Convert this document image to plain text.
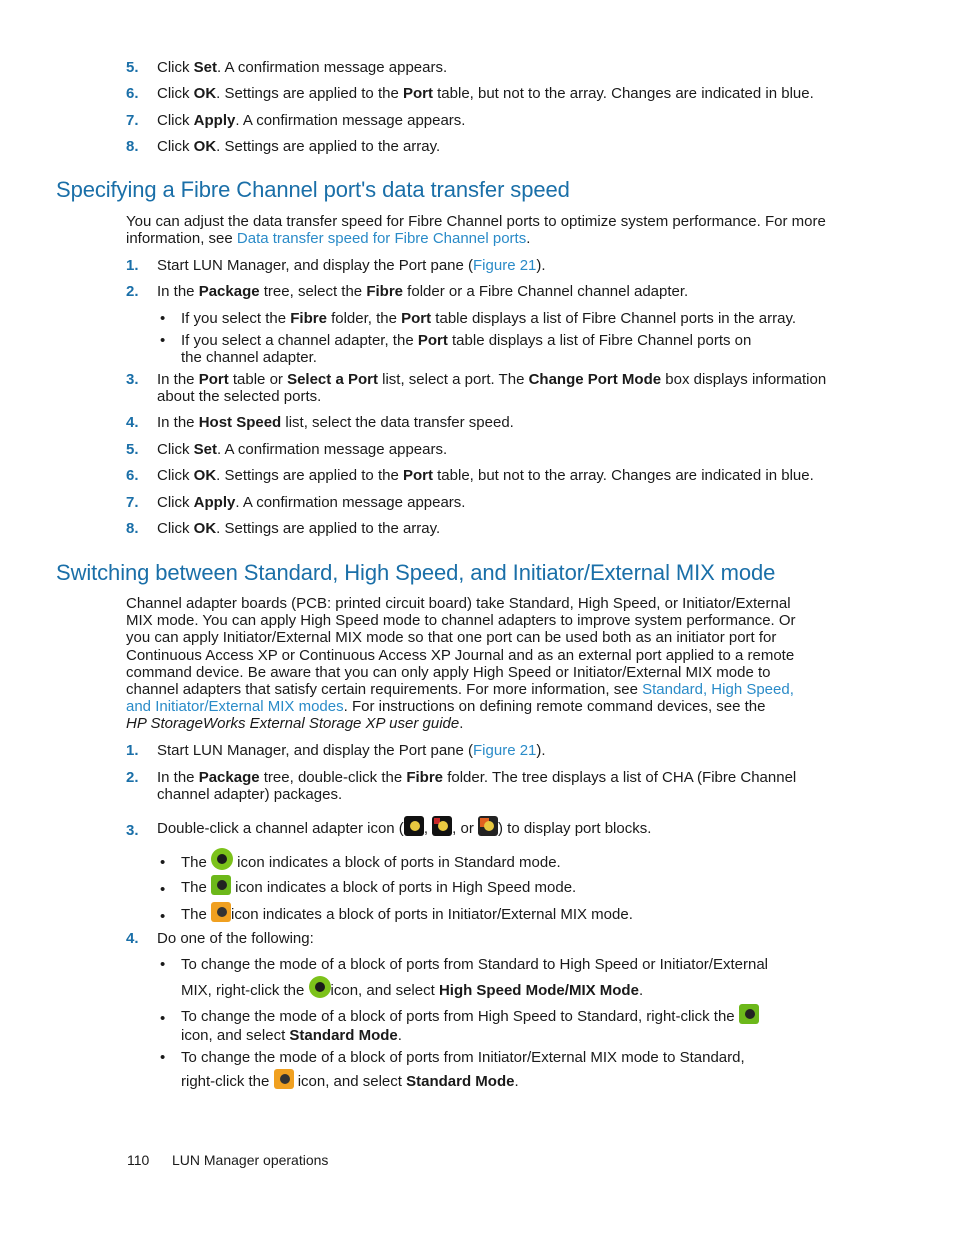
5. Click Set. A confirmation message appears.
6. Click OK. Settings are applied to the Port table, but not to the array. Changes are indicated in blue.
7. Click Apply. A confirmation message appears.
8. Click OK. Settings are applied to the array.
Specifying a Fibre Channel port's data transfer speed
You can adjust the data transfer speed for Fibre Channel ports to optimize system performance. For more
information, see Data transfer speed for Fibre Channel ports.
1. Start LUN Manager, and display the Port pane (Figure 21).
2. In the Package tree, select the Fibre folder or a Fibre Channel channel adapter.
• If you select the Fibre folder, the Port table displays a list of Fibre Channel ports in the array.
• If you select a channel adapter, the Port table displays a list of Fibre Channel ports on
the channel adapter.
3. In the Port table or Select a Port list, select a port. The Change Port Mode box displays information
about the selected ports.
4. In the Host Speed list, select the data transfer speed.
5. Click Set. A confirmation message appears.
6. Click OK. Settings are applied to the Port table, but not to the array. Changes are indicated in blue.
7. Click Apply. A confirmation message appears.
8. Click OK. Settings are applied to the array.
Switching between Standard, High Speed, and Initiator/External MIX mode
Channel adapter boards (PCB: printed circuit board) take Standard, High Speed, or Initiator/External
MIX mode. You can apply High Speed mode to channel adapters to improve system performance. Or
you can apply Initiator/External MIX mode so that one port can be used both as an initiator port for
Continuous Access XP or Continuous Access XP Journal and as an external port applied to a remote
command device. Be aware that you can only apply High Speed or Initiator/External MIX mode to
channel adapters that satisfy certain requirements. For more information, see Standard, High Speed,
and Initiator/External MIX modes. For instructions on defining remote command devices, see the
HP StorageWorks External Storage XP user guide.
1. Start LUN Manager, and display the Port pane (Figure 21).
2. In the Package tree, double-click the Fibre folder. The tree displays a list of CHA (Fibre Channel
channel adapter) packages.
3. Double-click a channel adapter icon ( , , or ) to display port blocks.
• The  icon indicates a block of ports in Standard mode.
• The  icon indicates a block of ports in High Speed mode.
• The icon indicates a block of ports in Initiator/External MIX mode.
4. Do one of the following:
• To change the mode of a block of ports from Standard to High Speed or Initiator/External
MIX, right-click the icon, and select High Speed Mode/MIX Mode.
• To change the mode of a block of ports from High Speed to Standard, right-click the
icon, and select Standard Mode.
• To change the mode of a block of ports from Initiator/External MIX mode to Standard,
right-click the  icon, and select Standard Mode.
110 LUN Manager operations
